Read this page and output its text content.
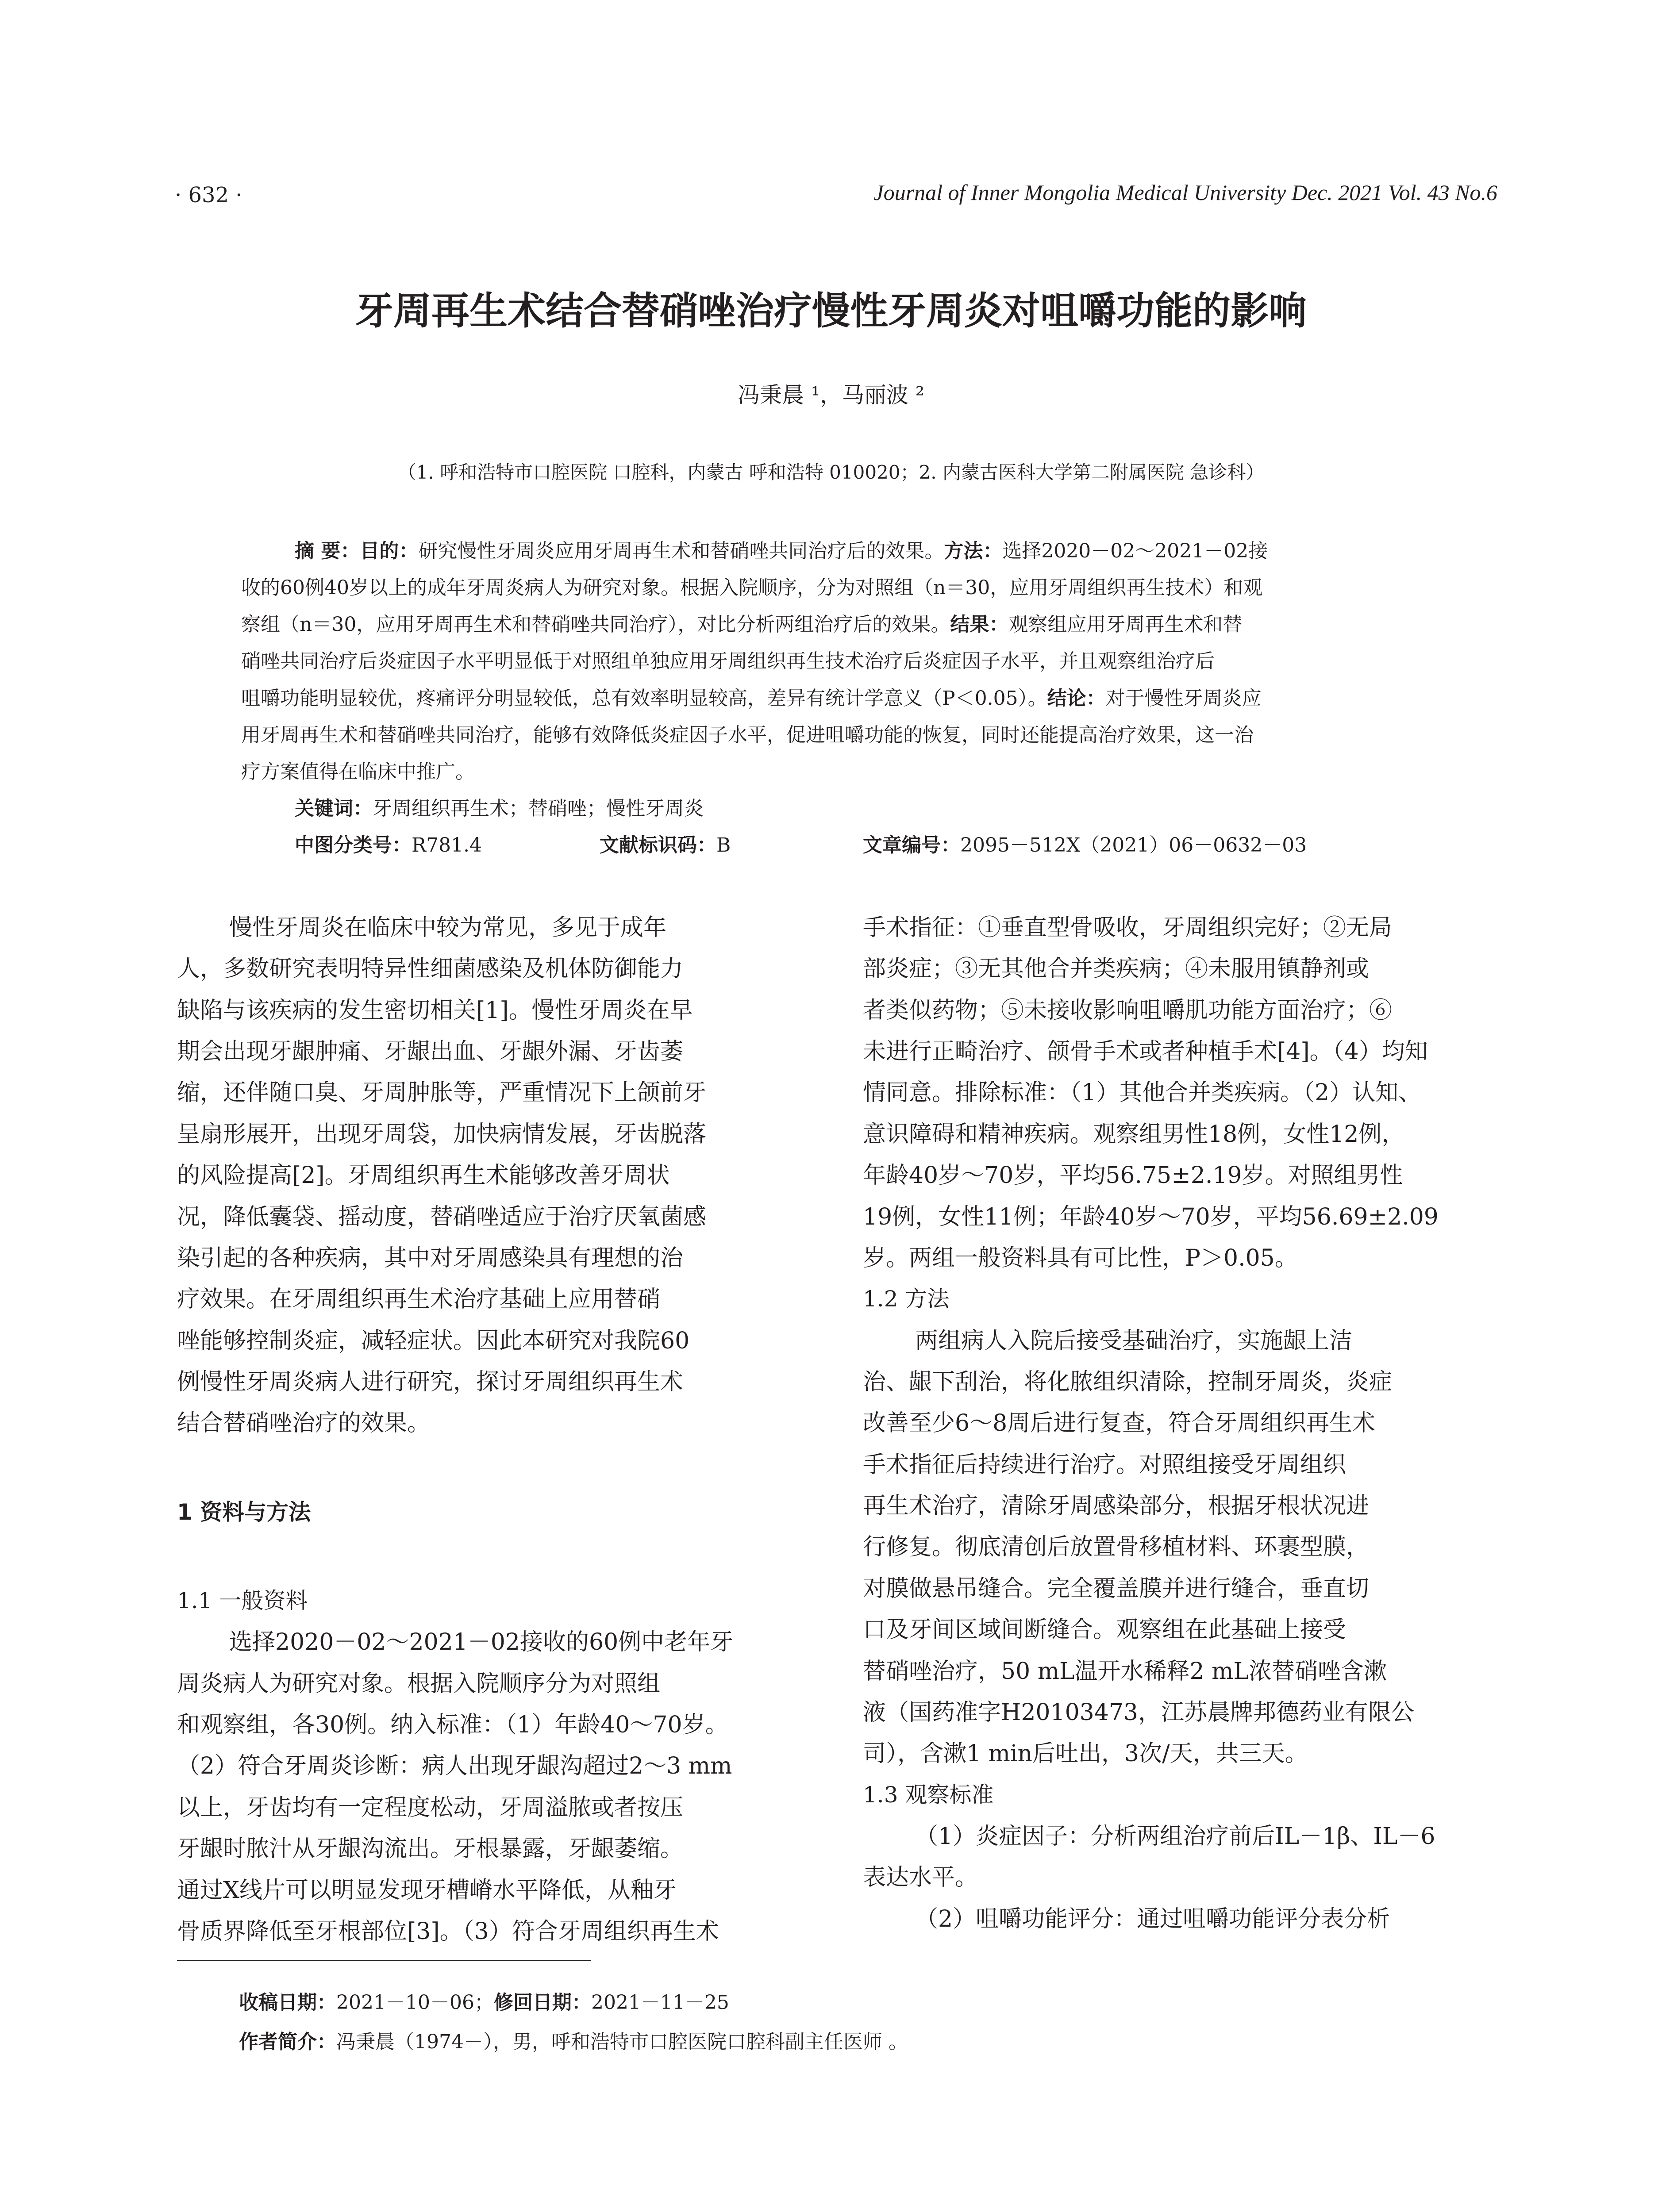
· 632 ·	Journal of Inner Mongolia Medical University Dec. 2021 Vol. 43 No.6
牙周再生术结合替硝唑治疗慢性牙周炎对咀嚼功能的影响
冯秉晨 ¹，马丽波 ²
（1. 呼和浩特市口腔医院 口腔科，内蒙古 呼和浩特 010020；2. 内蒙古医科大学第二附属医院 急诊科）
摘 要：目的：研究慢性牙周炎应用牙周再生术和替硝唑共同治疗后的效果。方法：选择2020－02～2021－02接
收的60例40岁以上的成年牙周炎病人为研究对象。根据入院顺序，分为对照组（n＝30，应用牙周组织再生技术）和观
察组（n＝30，应用牙周再生术和替硝唑共同治疗），对比分析两组治疗后的效果。结果：观察组应用牙周再生术和替
硝唑共同治疗后炎症因子水平明显低于对照组单独应用牙周组织再生技术治疗后炎症因子水平，并且观察组治疗后
咀嚼功能明显较优，疼痛评分明显较低，总有效率明显较高，差异有统计学意义（P＜0.05）。结论：对于慢性牙周炎应
用牙周再生术和替硝唑共同治疗，能够有效降低炎症因子水平，促进咀嚼功能的恢复，同时还能提高治疗效果，这一治
疗方案值得在临床中推广。
关键词：牙周组织再生术；替硝唑；慢性牙周炎
中图分类号：R781.4	文献标识码：B	文章编号：2095－512X（2021）06－0632－03
慢性牙周炎在临床中较为常见，多见于成年
人，多数研究表明特异性细菌感染及机体防御能力
缺陷与该疾病的发生密切相关[1]。慢性牙周炎在早
期会出现牙龈肿痛、牙龈出血、牙龈外漏、牙齿萎
缩，还伴随口臭、牙周肿胀等，严重情况下上颌前牙
呈扇形展开，出现牙周袋，加快病情发展，牙齿脱落
的风险提高[2]。牙周组织再生术能够改善牙周状
况，降低囊袋、摇动度，替硝唑适应于治疗厌氧菌感
染引起的各种疾病，其中对牙周感染具有理想的治
疗效果。在牙周组织再生术治疗基础上应用替硝
唑能够控制炎症，减轻症状。因此本研究对我院60
例慢性牙周炎病人进行研究，探讨牙周组织再生术
结合替硝唑治疗的效果。
1 资料与方法
1.1 一般资料
选择2020－02～2021－02接收的60例中老年牙
周炎病人为研究对象。根据入院顺序分为对照组
和观察组，各30例。纳入标准：（1）年龄40～70岁。
（2）符合牙周炎诊断：病人出现牙龈沟超过2～3 mm
以上，牙齿均有一定程度松动，牙周溢脓或者按压
牙龈时脓汁从牙龈沟流出。牙根暴露，牙龈萎缩。
通过X线片可以明显发现牙槽嵴水平降低，从釉牙
骨质界降低至牙根部位[3]。（3）符合牙周组织再生术
手术指征：①垂直型骨吸收，牙周组织完好；②无局
部炎症；③无其他合并类疾病；④未服用镇静剂或
者类似药物；⑤未接收影响咀嚼肌功能方面治疗；⑥
未进行正畸治疗、颌骨手术或者种植手术[4]。（4）均知
情同意。排除标准：（1）其他合并类疾病。（2）认知、
意识障碍和精神疾病。观察组男性18例，女性12例，
年龄40岁～70岁，平均56.75±2.19岁。对照组男性
19例，女性11例；年龄40岁～70岁，平均56.69±2.09
岁。两组一般资料具有可比性，P＞0.05。
1.2 方法
两组病人入院后接受基础治疗，实施龈上洁
治、龈下刮治，将化脓组织清除，控制牙周炎，炎症
改善至少6～8周后进行复查，符合牙周组织再生术
手术指征后持续进行治疗。对照组接受牙周组织
再生术治疗，清除牙周感染部分，根据牙根状况进
行修复。彻底清创后放置骨移植材料、环裹型膜，
对膜做悬吊缝合。完全覆盖膜并进行缝合，垂直切
口及牙间区域间断缝合。观察组在此基础上接受
替硝唑治疗，50 mL温开水稀释2 mL浓替硝唑含漱
液（国药准字H20103473，江苏晨牌邦德药业有限公
司），含漱1 min后吐出，3次/天，共三天。
1.3 观察标准
（1）炎症因子：分析两组治疗前后IL－1β、IL－6
表达水平。
（2）咀嚼功能评分：通过咀嚼功能评分表分析
收稿日期：2021－10－06；修回日期：2021－11－25
作者简介：冯秉晨（1974－），男，呼和浩特市口腔医院口腔科副主任医师 。
